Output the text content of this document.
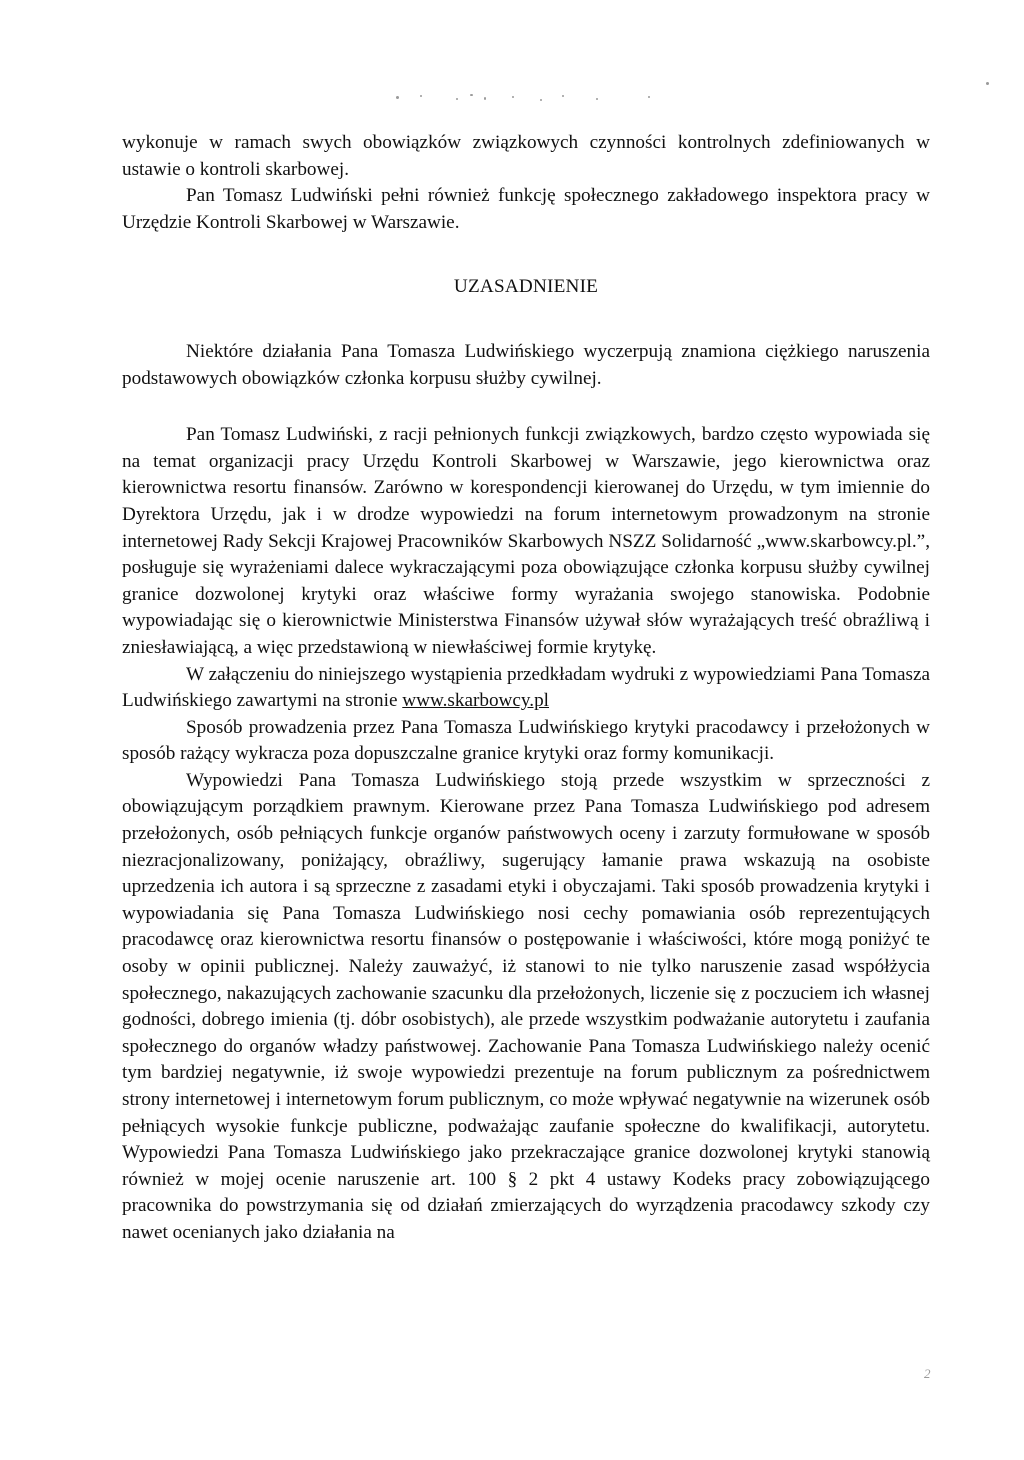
wykonuje w ramach swych obowiązków związkowych czynności kontrolnych zdefiniowanych w ustawie o kontroli skarbowej.

Pan Tomasz Ludwiński pełni również funkcję społecznego zakładowego inspektora pracy w Urzędzie Kontroli Skarbowej w Warszawie.

UZASADNIENIE

Niektóre działania Pana Tomasza Ludwińskiego wyczerpują znamiona ciężkiego naruszenia podstawowych obowiązków członka korpusu służby cywilnej.

Pan Tomasz Ludwiński, z racji pełnionych funkcji związkowych, bardzo często wypowiada się na temat organizacji pracy Urzędu Kontroli Skarbowej w Warszawie, jego kierownictwa oraz kierownictwa resortu finansów. Zarówno w korespondencji kierowanej do Urzędu, w tym imiennie do Dyrektora Urzędu, jak i w drodze wypowiedzi na forum internetowym prowadzonym na stronie internetowej Rady Sekcji Krajowej Pracowników Skarbowych NSZZ Solidarność „www.skarbowcy.pl.”, posługuje się wyrażeniami dalece wykraczającymi poza obowiązujące członka korpusu służby cywilnej granice dozwolonej krytyki oraz właściwe formy wyrażania swojego stanowiska. Podobnie wypowiadając się o kierownictwie Ministerstwa Finansów używał słów wyrażających treść obraźliwą i zniesławiającą, a więc przedstawioną w niewłaściwej formie krytykę.

W załączeniu do niniejszego wystąpienia przedkładam wydruki z wypowiedziami Pana Tomasza Ludwińskiego zawartymi na stronie www.skarbowcy.pl

Sposób prowadzenia przez Pana Tomasza Ludwińskiego krytyki pracodawcy i przełożonych w sposób rażący wykracza poza dopuszczalne granice krytyki oraz formy komunikacji.

Wypowiedzi Pana Tomasza Ludwińskiego stoją przede wszystkim w sprzeczności z obowiązującym porządkiem prawnym. Kierowane przez Pana Tomasza Ludwińskiego pod adresem przełożonych, osób pełniących funkcje organów państwowych oceny i zarzuty formułowane w sposób niezracjonalizowany, poniżający, obraźliwy, sugerujący łamanie prawa wskazują na osobiste uprzedzenia ich autora i są sprzeczne z zasadami etyki i obyczajami. Taki sposób prowadzenia krytyki i wypowiadania się Pana Tomasza Ludwińskiego nosi cechy pomawiania osób reprezentujących pracodawcę oraz kierownictwa resortu finansów o postępowanie i właściwości, które mogą poniżyć te osoby w opinii publicznej. Należy zauważyć, iż stanowi to nie tylko naruszenie zasad współżycia społecznego, nakazujących zachowanie szacunku dla przełożonych, liczenie się z poczuciem ich własnej godności, dobrego imienia (tj. dóbr osobistych), ale przede wszystkim podważanie autorytetu i zaufania społecznego do organów władzy państwowej. Zachowanie Pana Tomasza Ludwińskiego należy ocenić tym bardziej negatywnie, iż swoje wypowiedzi prezentuje na forum publicznym za pośrednictwem strony internetowej i internetowym forum publicznym, co może wpływać negatywnie na wizerunek osób pełniących wysokie funkcje publiczne, podważając zaufanie społeczne do kwalifikacji, autorytetu. Wypowiedzi Pana Tomasza Ludwińskiego jako przekraczające granice dozwolonej krytyki stanowią również w mojej ocenie naruszenie art. 100 § 2 pkt 4 ustawy Kodeks pracy zobowiązującego pracownika do powstrzymania się od działań zmierzających do wyrządzenia pracodawcy szkody czy nawet ocenianych jako działania na

2
